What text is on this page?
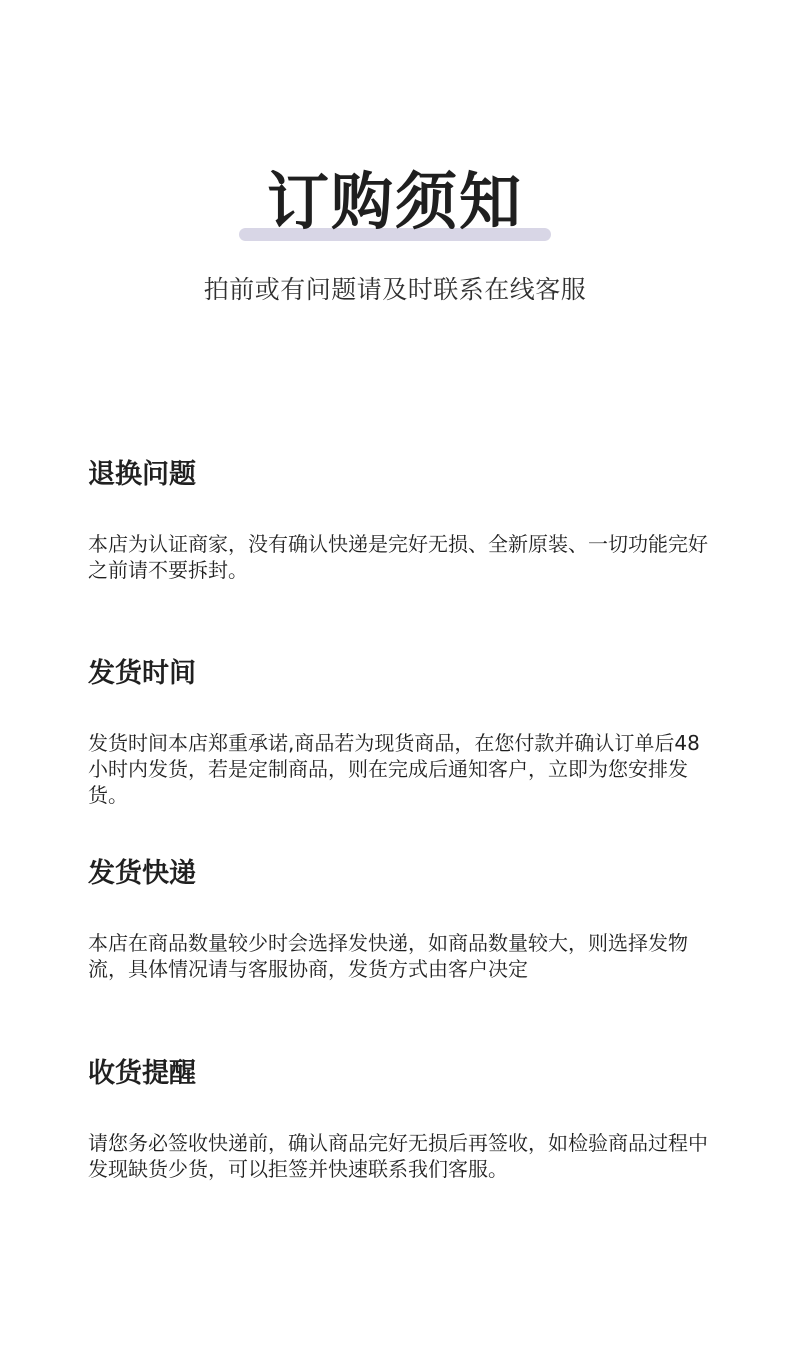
订购须知
拍前或有问题请及时联系在线客服
退换问题
本店为认证商家，没有确认快递是完好无损、全新原装、一切功能完好之前请不要拆封。
发货时间
发货时间本店郑重承诺,商品若为现货商品，在您付款并确认订单后48小时内发货，若是定制商品，则在完成后通知客户，立即为您安排发货。
发货快递
本店在商品数量较少时会选择发快递，如商品数量较大，则选择发物流，具体情况请与客服协商，发货方式由客户决定
收货提醒
请您务必签收快递前，确认商品完好无损后再签收，如检验商品过程中发现缺货少货，可以拒签并快速联系我们客服。
